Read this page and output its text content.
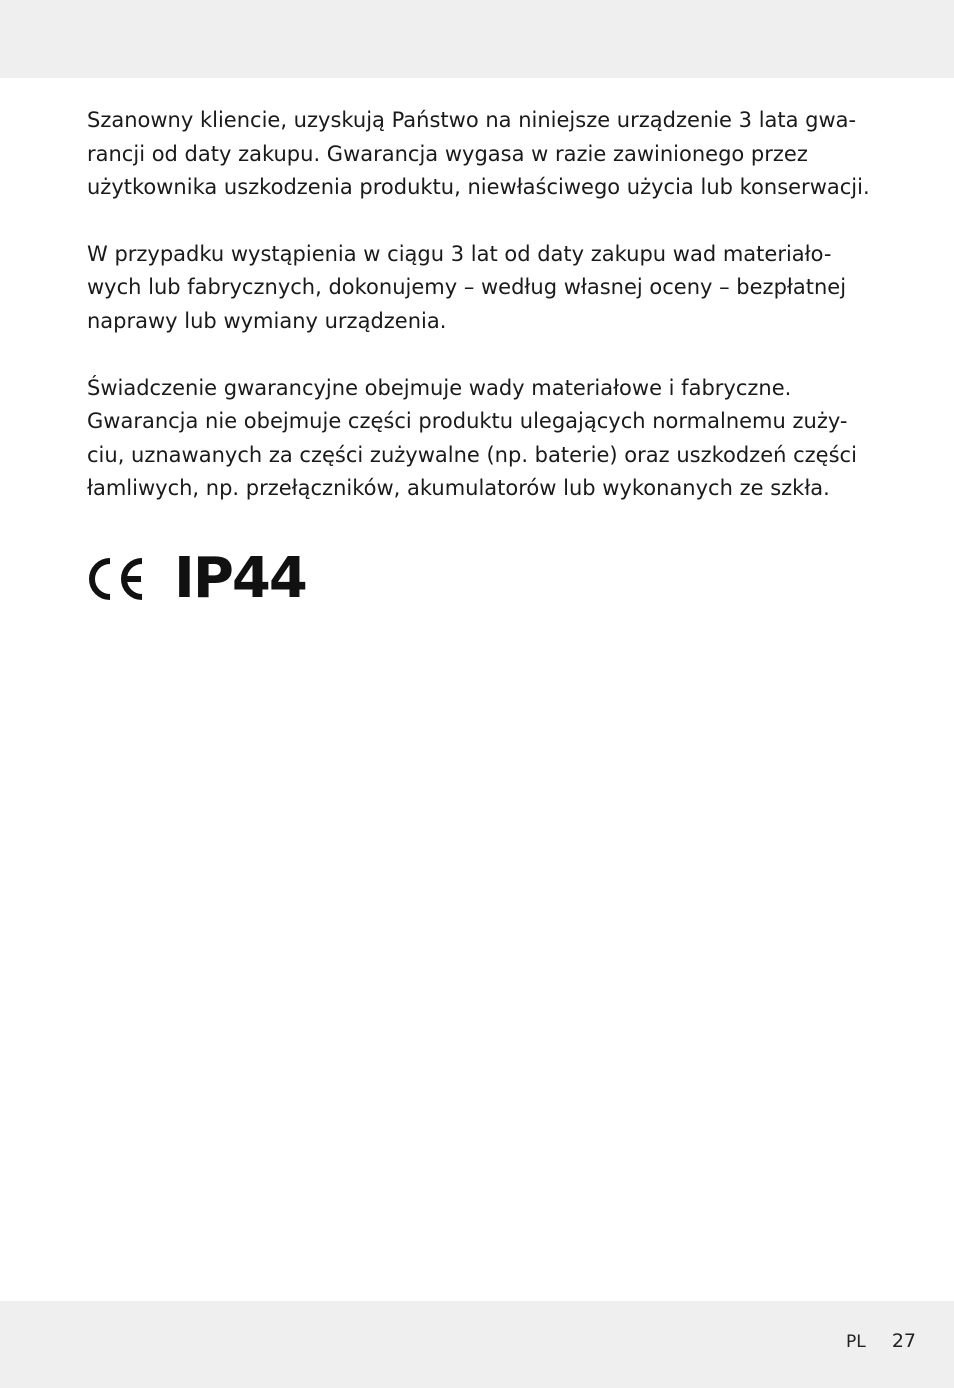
Szanowny kliencie, uzyskują Państwo na niniejsze urządzenie 3 lata gwa-
rancji od daty zakupu. Gwarancja wygasa w razie zawinionego przez
użytkownika uszkodzenia produktu, niewłaściwego użycia lub konserwacji.

W przypadku wystąpienia w ciągu 3 lat od daty zakupu wad materiało-
wych lub fabrycznych, dokonujemy – według własnej oceny – bezpłatnej
naprawy lub wymiany urządzenia.

Świadczenie gwarancyjne obejmuje wady materiałowe i fabryczne.
Gwarancja nie obejmuje części produktu ulegających normalnemu zuży-
ciu, uznawanych za części zużywalne (np. baterie) oraz uszkodzeń części
łamliwych, np. przełączników, akumulatorów lub wykonanych ze szkła.

IP44
PL 27
